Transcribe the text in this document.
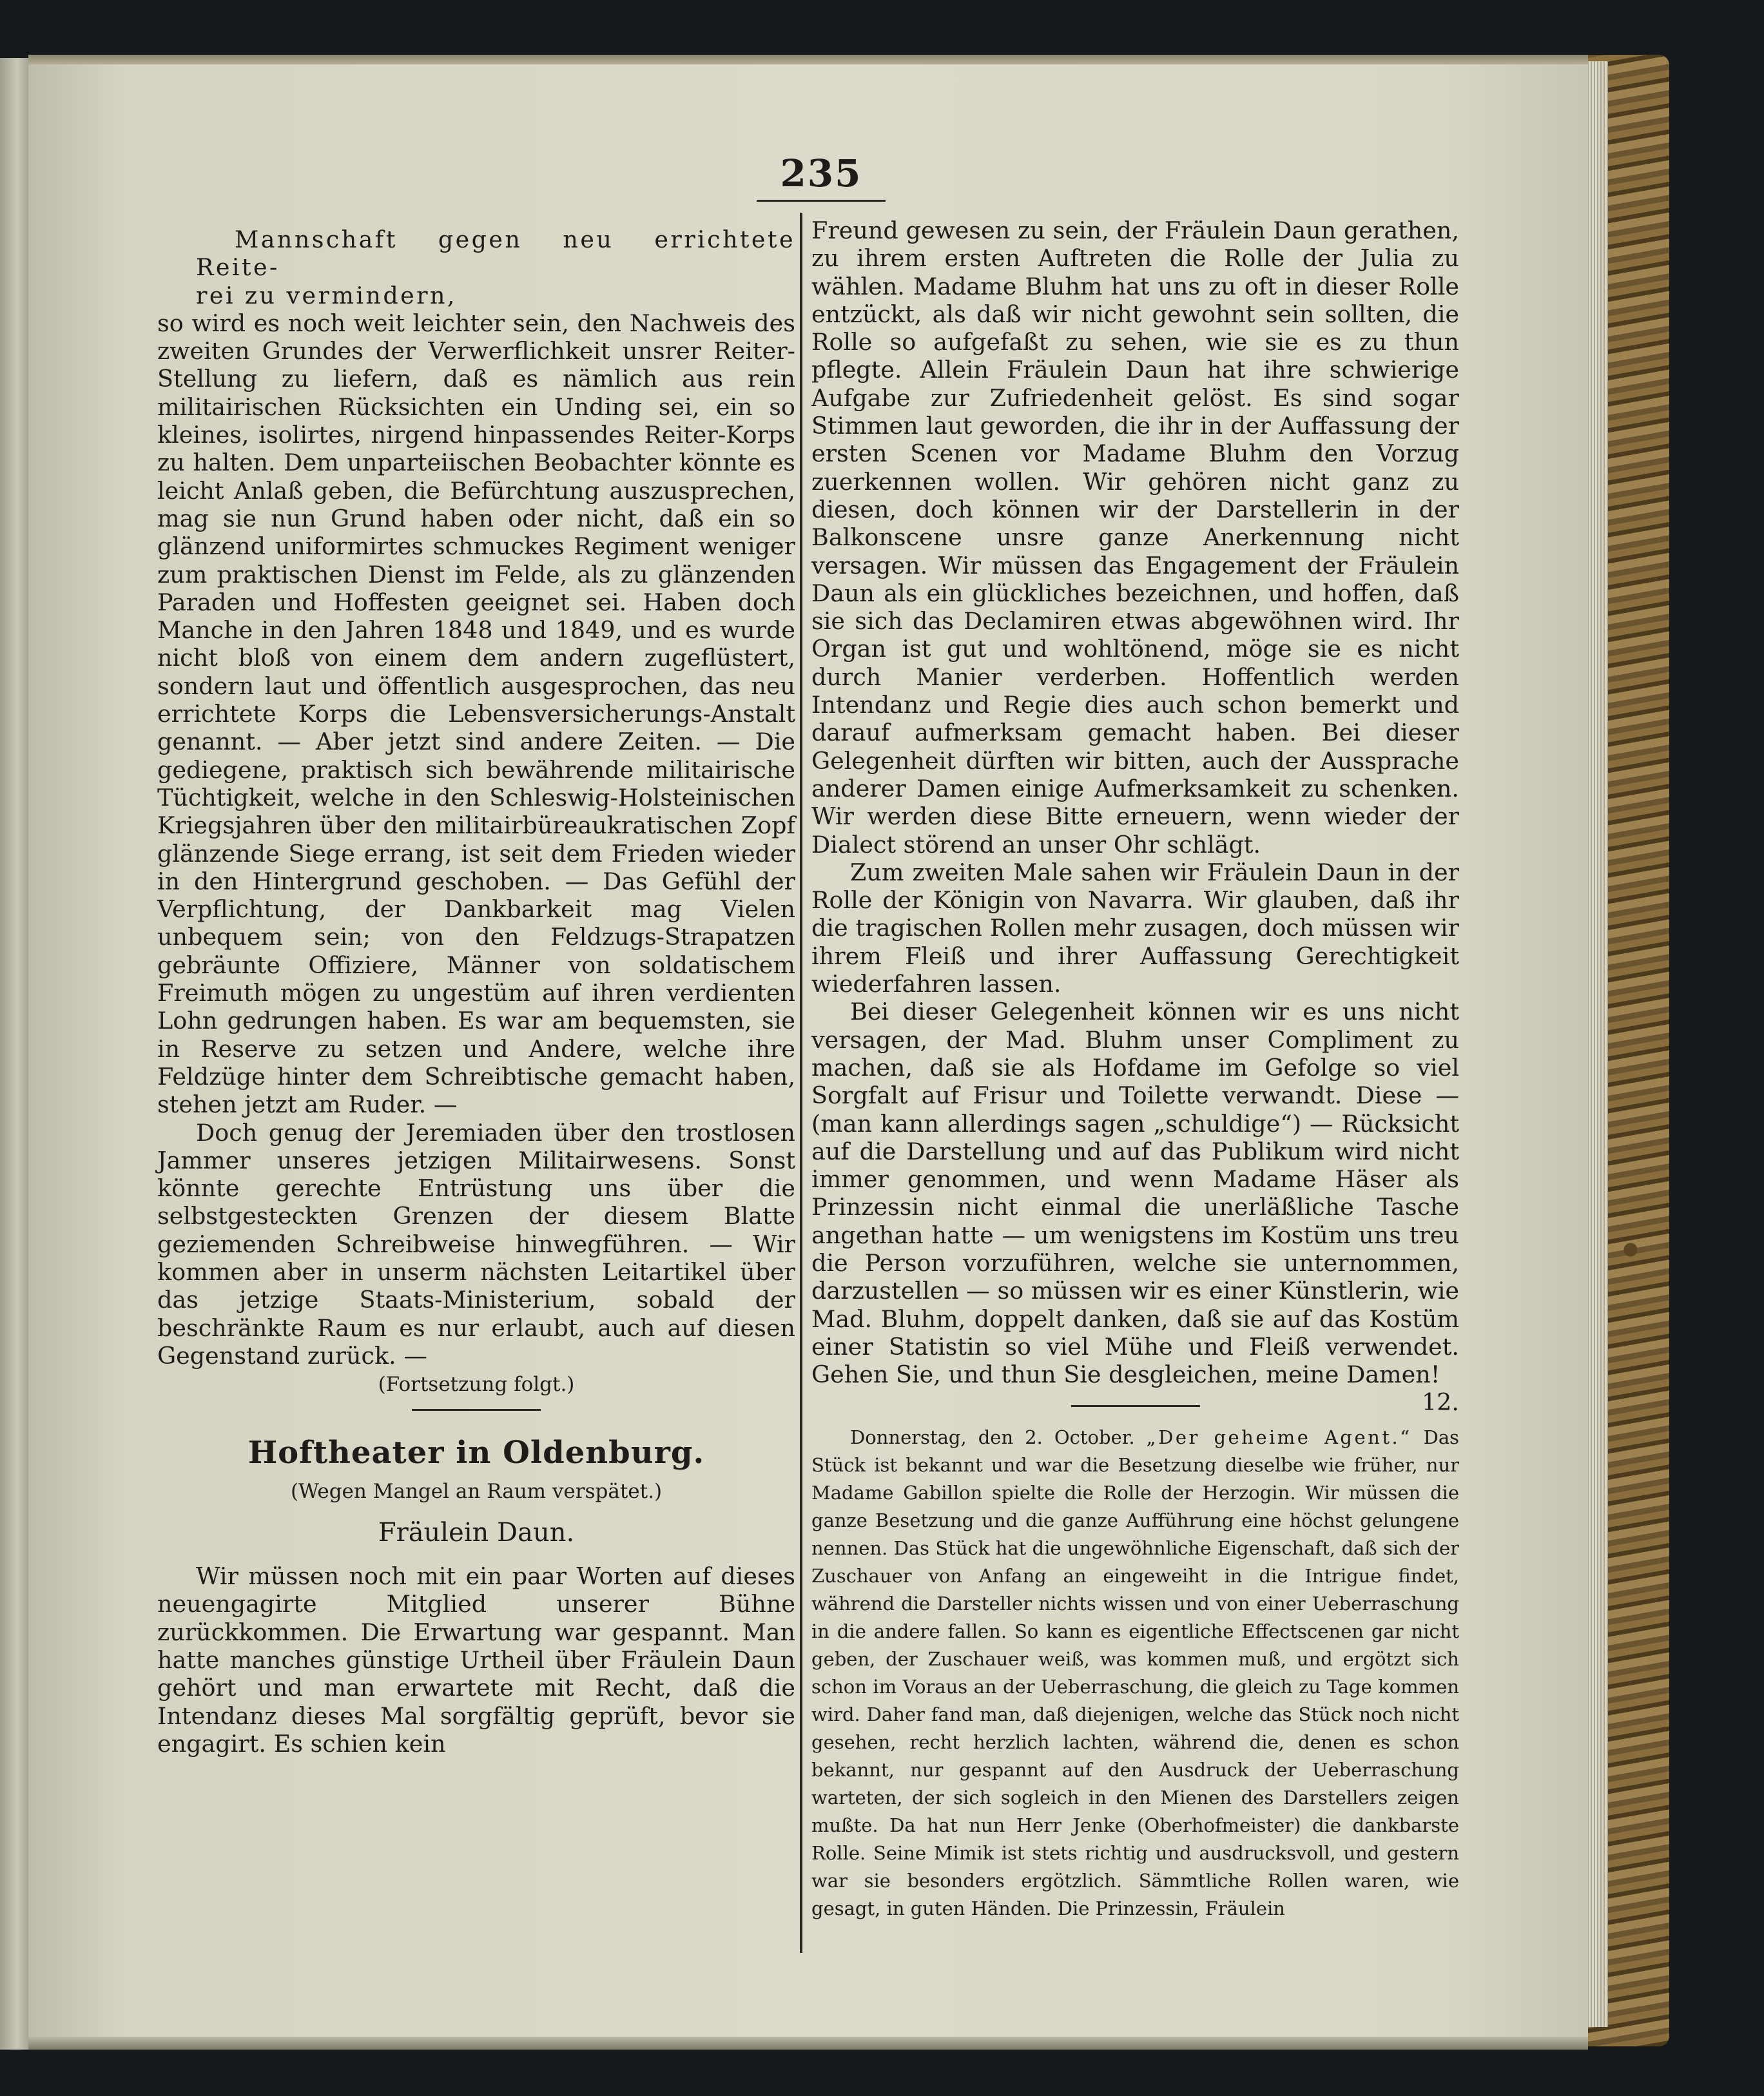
235

Mannschaft gegen neu errichtete Reite-

rei zu vermindern,

so wird es noch weit leichter sein, den Nachweis des zweiten Grundes der Verwerflichkeit unsrer Reiter-Stellung zu liefern, daß es nämlich aus rein militairischen Rücksichten ein Unding sei, ein so kleines, isolirtes, nirgend hinpassendes Reiter-Korps zu halten. Dem unparteiischen Beobachter könnte es leicht Anlaß geben, die Befürchtung auszusprechen, mag sie nun Grund haben oder nicht, daß ein so glänzend uniformirtes schmuckes Regiment weniger zum praktischen Dienst im Felde, als zu glänzenden Paraden und Hoffesten geeignet sei. Haben doch Manche in den Jahren 1848 und 1849, und es wurde nicht bloß von einem dem andern zugeflüstert, sondern laut und öffentlich ausgesprochen, das neu errichtete Korps die Lebensversicherungs-Anstalt genannt. — Aber jetzt sind andere Zeiten. — Die gediegene, praktisch sich bewährende militairische Tüchtigkeit, welche in den Schleswig-Holsteinischen Kriegsjahren über den militairbüreaukratischen Zopf glänzende Siege errang, ist seit dem Frieden wieder in den Hintergrund geschoben. — Das Gefühl der Verpflichtung, der Dankbarkeit mag Vielen unbequem sein; von den Feldzugs-Strapatzen gebräunte Offiziere, Männer von soldatischem Freimuth mögen zu ungestüm auf ihren verdienten Lohn gedrungen haben. Es war am bequemsten, sie in Reserve zu setzen und Andere, welche ihre Feldzüge hinter dem Schreibtische gemacht haben, stehen jetzt am Ruder. —

Doch genug der Jeremiaden über den trostlosen Jammer unseres jetzigen Militairwesens. Sonst könnte gerechte Entrüstung uns über die selbstgesteckten Grenzen der diesem Blatte geziemenden Schreibweise hinwegführen. — Wir kommen aber in unserm nächsten Leitartikel über das jetzige Staats-Ministerium, sobald der beschränkte Raum es nur erlaubt, auch auf diesen Gegenstand zurück. —

(Fortsetzung folgt.)
Hoftheater in Oldenburg.
(Wegen Mangel an Raum verspätet.)
Fräulein Daun.

Wir müssen noch mit ein paar Worten auf dieses neuengagirte Mitglied unserer Bühne zurückkommen. Die Erwartung war gespannt. Man hatte manches günstige Urtheil über Fräulein Daun gehört und man erwartete mit Recht, daß die Intendanz dieses Mal sorgfältig geprüft, bevor sie engagirt. Es schien kein

Freund gewesen zu sein, der Fräulein Daun gerathen, zu ihrem ersten Auftreten die Rolle der Julia zu wählen. Madame Bluhm hat uns zu oft in dieser Rolle entzückt, als daß wir nicht gewohnt sein sollten, die Rolle so aufgefaßt zu sehen, wie sie es zu thun pflegte. Allein Fräulein Daun hat ihre schwierige Aufgabe zur Zufriedenheit gelöst. Es sind sogar Stimmen laut geworden, die ihr in der Auffassung der ersten Scenen vor Madame Bluhm den Vorzug zuerkennen wollen. Wir gehören nicht ganz zu diesen, doch können wir der Darstellerin in der Balkonscene unsre ganze Anerkennung nicht versagen. Wir müssen das Engagement der Fräulein Daun als ein glückliches bezeichnen, und hoffen, daß sie sich das Declamiren etwas abgewöhnen wird. Ihr Organ ist gut und wohltönend, möge sie es nicht durch Manier verderben. Hoffentlich werden Intendanz und Regie dies auch schon bemerkt und darauf aufmerksam gemacht haben. Bei dieser Gelegenheit dürften wir bitten, auch der Aussprache anderer Damen einige Aufmerksamkeit zu schenken. Wir werden diese Bitte erneuern, wenn wieder der Dialect störend an unser Ohr schlägt.

Zum zweiten Male sahen wir Fräulein Daun in der Rolle der Königin von Navarra. Wir glauben, daß ihr die tragischen Rollen mehr zusagen, doch müssen wir ihrem Fleiß und ihrer Auffassung Gerechtigkeit wiederfahren lassen.

Bei dieser Gelegenheit können wir es uns nicht versagen, der Mad. Bluhm unser Compliment zu machen, daß sie als Hofdame im Gefolge so viel Sorgfalt auf Frisur und Toilette verwandt. Diese — (man kann allerdings sagen „schuldige“) — Rücksicht auf die Darstellung und auf das Publikum wird nicht immer genommen, und wenn Madame Häser als Prinzessin nicht einmal die unerläßliche Tasche angethan hatte — um wenigstens im Kostüm uns treu die Person vorzuführen, welche sie unternommen, darzustellen — so müssen wir es einer Künstlerin, wie Mad. Bluhm, doppelt danken, daß sie auf das Kostüm einer Statistin so viel Mühe und Fleiß verwendet. Gehen Sie, und thun Sie desgleichen, meine Damen!
12.

Donnerstag, den 2. October. „Der geheime Agent.“ Das Stück ist bekannt und war die Besetzung dieselbe wie früher, nur Madame Gabillon spielte die Rolle der Herzogin. Wir müssen die ganze Besetzung und die ganze Aufführung eine höchst gelungene nennen. Das Stück hat die ungewöhnliche Eigenschaft, daß sich der Zuschauer von Anfang an eingeweiht in die Intrigue findet, während die Darsteller nichts wissen und von einer Ueberraschung in die andere fallen. So kann es eigentliche Effectscenen gar nicht geben, der Zuschauer weiß, was kommen muß, und ergötzt sich schon im Voraus an der Ueberraschung, die gleich zu Tage kommen wird. Daher fand man, daß diejenigen, welche das Stück noch nicht gesehen, recht herzlich lachten, während die, denen es schon bekannt, nur gespannt auf den Ausdruck der Ueberraschung warteten, der sich sogleich in den Mienen des Darstellers zeigen mußte. Da hat nun Herr Jenke (Oberhofmeister) die dankbarste Rolle. Seine Mimik ist stets richtig und ausdrucksvoll, und gestern war sie besonders ergötzlich. Sämmtliche Rollen waren, wie gesagt, in guten Händen. Die Prinzessin, Fräulein
